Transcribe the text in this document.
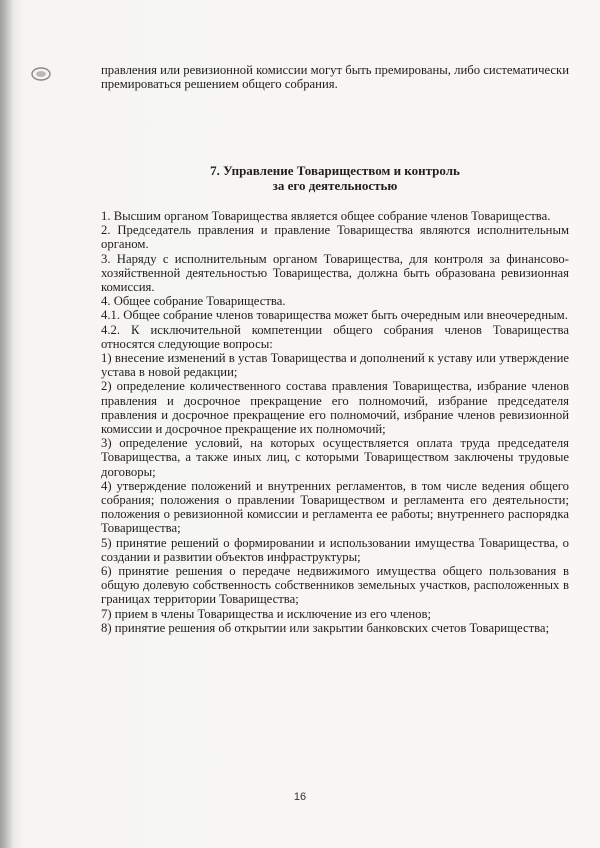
правления или ревизионной комиссии могут быть премированы, либо систематически премироваться решением общего собрания.

7. Управление Товариществом и контроль
за его деятельностью

1. Высшим органом Товарищества является общее собрание членов Товарищества.

2. Председатель правления и правление Товарищества являются исполнительным органом.

3. Наряду с исполнительным органом Товарищества, для контроля за финансово-хозяйственной деятельностью Товарищества, должна быть образована ревизионная комиссия.

4. Общее собрание Товарищества.

4.1. Общее собрание членов товарищества может быть очередным или внеочередным.

4.2. К исключительной компетенции общего собрания членов Товарищества относятся следующие вопросы:

1) внесение изменений в устав Товарищества и дополнений к уставу или утверждение устава в новой редакции;

2) определение количественного состава правления Товарищества, избрание членов правления и досрочное прекращение его полномочий, избрание председателя правления и досрочное прекращение его полномочий, избрание членов ревизионной комиссии и досрочное прекращение их полномочий;

3) определение условий, на которых осуществляется оплата труда председателя Товарищества, а также иных лиц, с которыми Товариществом заключены трудовые договоры;

4) утверждение положений и внутренних регламентов, в том числе ведения общего собрания; положения о правлении Товариществом и регламента его деятельности; положения о ревизионной комиссии и регламента ее работы; внутреннего распорядка Товарищества;

5) принятие решений о формировании и использовании имущества Товарищества, о создании и развитии объектов инфраструктуры;

6) принятие решения о передаче недвижимого имущества общего пользования в общую долевую собственность собственников земельных участков, расположенных в границах территории Товарищества;

7) прием в члены Товарищества и исключение из его членов;

8) принятие решения об открытии или закрытии банковских счетов Товарищества;

16
